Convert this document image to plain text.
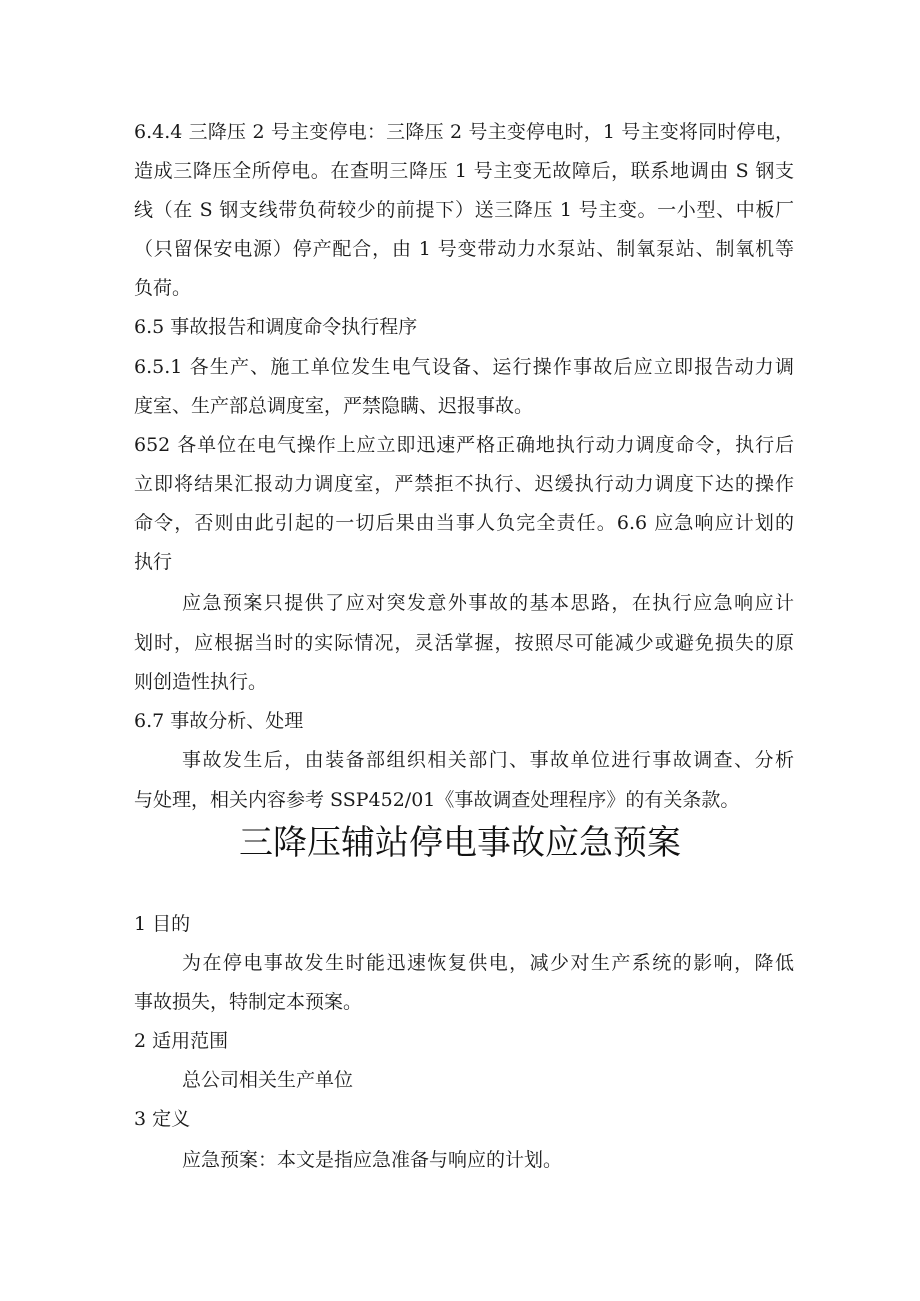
6.4.4 三降压 2 号主变停电：三降压 2 号主变停电时，1 号主变将同时停电，
造成三降压全所停电。在查明三降压 1 号主变无故障后，联系地调由 S 钢支
线（在 S 钢支线带负荷较少的前提下）送三降压 1 号主变。一小型、中板厂
（只留保安电源）停产配合，由 1 号变带动力水泵站、制氧泵站、制氧机等
负荷。
6.5 事故报告和调度命令执行程序
6.5.1 各生产、施工单位发生电气设备、运行操作事故后应立即报告动力调
度室、生产部总调度室，严禁隐瞒、迟报事故。
652 各单位在电气操作上应立即迅速严格正确地执行动力调度命令，执行后
立即将结果汇报动力调度室，严禁拒不执行、迟缓执行动力调度下达的操作
命令，否则由此引起的一切后果由当事人负完全责任。6.6 应急响应计划的
执行
应急预案只提供了应对突发意外事故的基本思路，在执行应急响应计
划时，应根据当时的实际情况，灵活掌握，按照尽可能减少或避免损失的原
则创造性执行。
6.7 事故分析、处理
事故发生后，由装备部组织相关部门、事故单位进行事故调查、分析
与处理，相关内容参考 SSP452/01《事故调查处理程序》的有关条款。
三降压辅站停电事故应急预案
1 目的
为在停电事故发生时能迅速恢复供电，减少对生产系统的影响，降低
事故损失，特制定本预案。
2 适用范围
总公司相关生产单位
3 定义
应急预案：本文是指应急准备与响应的计划。
